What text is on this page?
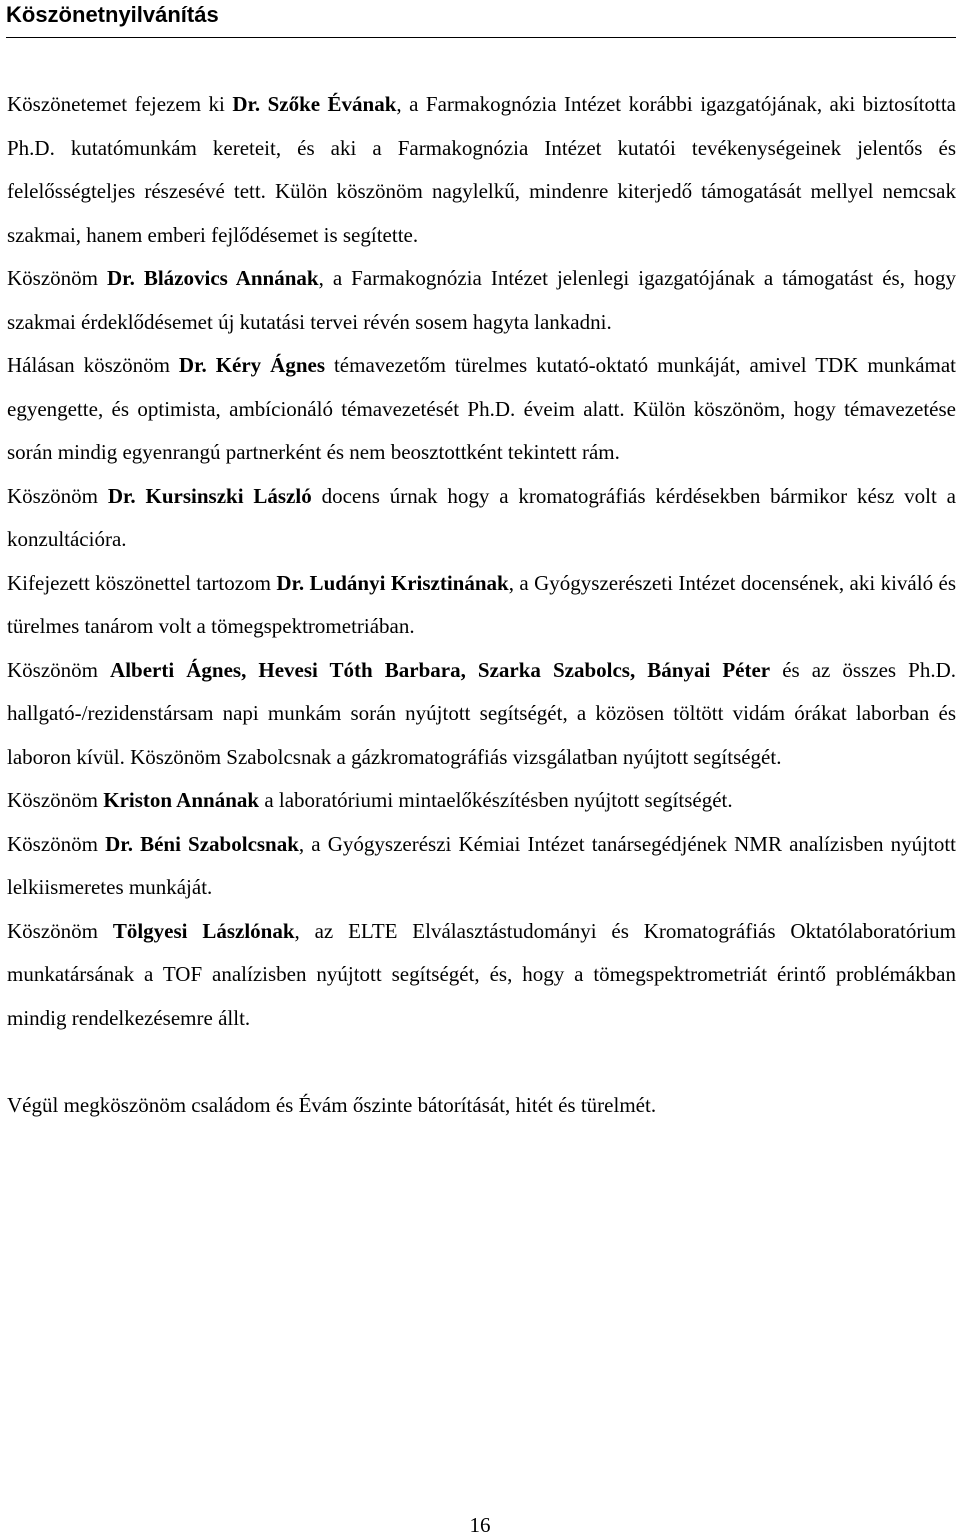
Köszönetnyilvánítás

Köszönetemet fejezem ki Dr. Szőke Évának, a Farmakognózia Intézet korábbi igazgatójának, aki biztosította Ph.D. kutatómunkám kereteit, és aki a Farmakognózia Intézet kutatói tevékenységeinek jelentős és felelősségteljes részesévé tett. Külön köszönöm nagylelkű, mindenre kiterjedő támogatását mellyel nemcsak szakmai, hanem emberi fejlődésemet is segítette.

Köszönöm Dr. Blázovics Annának, a Farmakognózia Intézet jelenlegi igazgatójának a támogatást és, hogy szakmai érdeklődésemet új kutatási tervei révén sosem hagyta lankadni.

Hálásan köszönöm Dr. Kéry Ágnes témavezetőm türelmes kutató-oktató munkáját, amivel TDK munkámat egyengette, és optimista, ambícionáló témavezetését Ph.D. éveim alatt. Külön köszönöm, hogy témavezetése során mindig egyenrangú partnerként és nem beosztottként tekintett rám.

Köszönöm Dr. Kursinszki László docens úrnak hogy a kromatográfiás kérdésekben bármikor kész volt a konzultációra.

Kifejezett köszönettel tartozom Dr. Ludányi Krisztinának, a Gyógyszerészeti Intézet docensének, aki kiváló és türelmes tanárom volt a tömegspektrometriában.

Köszönöm Alberti Ágnes, Hevesi Tóth Barbara, Szarka Szabolcs, Bányai Péter és az összes Ph.D. hallgató-/rezidenstársam napi munkám során nyújtott segítségét, a közösen töltött vidám órákat laborban és laboron kívül. Köszönöm Szabolcsnak a gázkromatográfiás vizsgálatban nyújtott segítségét.

Köszönöm Kriston Annának a laboratóriumi mintaelőkészítésben nyújtott segítségét.

Köszönöm Dr. Béni Szabolcsnak, a Gyógyszerészi Kémiai Intézet tanársegédjének NMR analízisben nyújtott lelkiismeretes munkáját.

Köszönöm Tölgyesi Lászlónak, az ELTE Elválasztástudományi és Kromatográfiás Oktatólaboratórium munkatársának a TOF analízisben nyújtott segítségét, és, hogy a tömegspektrometriát érintő problémákban mindig rendelkezésemre állt.

Végül megköszönöm családom és Évám őszinte bátorítását, hitét és türelmét.

16
